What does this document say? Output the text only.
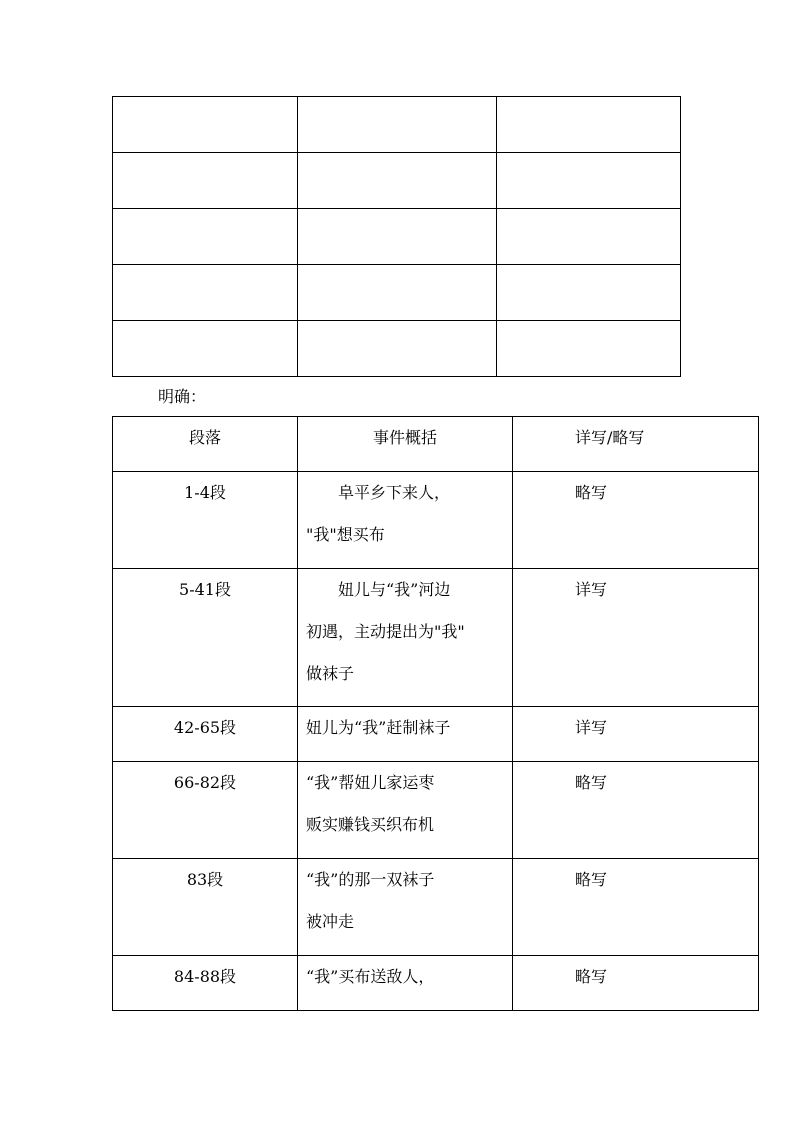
明确：
段落	事件概括	详写/略写
1-4段	阜平乡下来人，
"我"想买布	略写
5-41段	妞儿与“我”河边
初遇，主动提出为"我"
做袜子	详写
42-65段	妞儿为“我”赶制袜子	详写
66-82段	“我”帮妞儿家运枣
贩实赚钱买织布机	略写
83段	“我”的那一双袜子
被冲走	略写
84-88段	“我”买布送敌人，	略写
